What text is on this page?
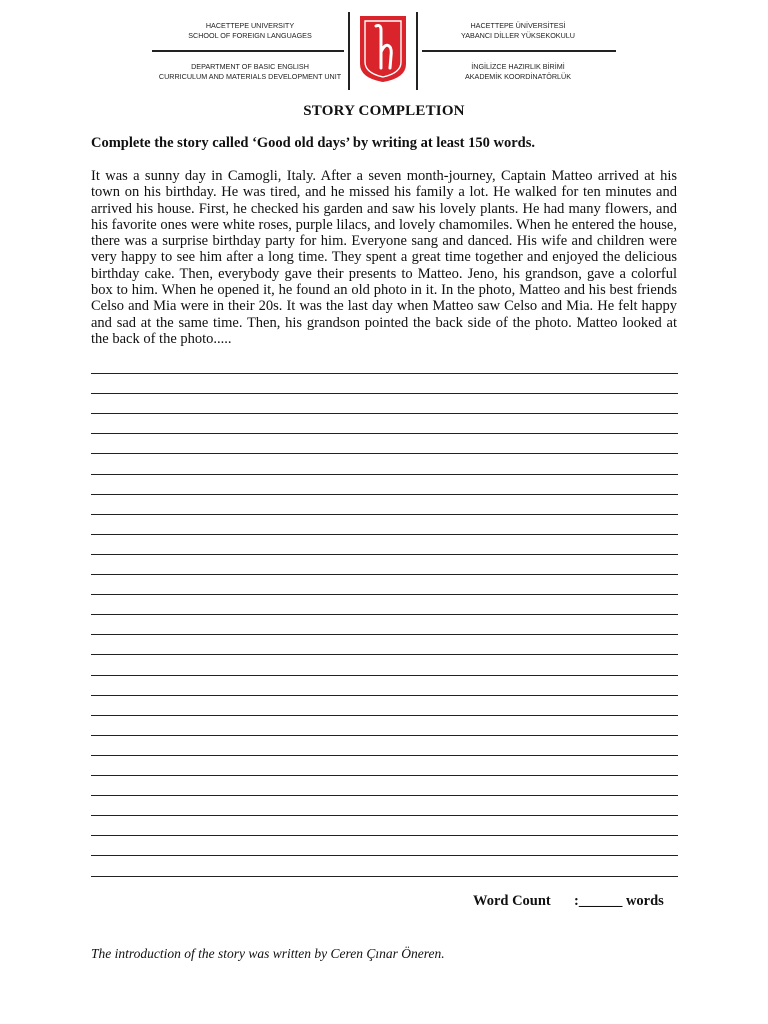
HACETTEPE UNIVERSITY
SCHOOL OF FOREIGN LANGUAGES
DEPARTMENT OF BASIC ENGLISH
CURRICULUM AND MATERIALS DEVELOPMENT UNIT
HACETTEPE ÜNİVERSİTESİ
YABANCI DİLLER YÜKSEKOKULU
İNGİLİZCE HAZIRLIK BİRİMİ
AKADEMİK KOORDİNATÖRLÜK
STORY COMPLETION
Complete the story called ‘Good old days’ by writing at least 150 words.

It was a sunny day in Camogli, Italy. After a seven month-journey, Captain Matteo arrived at his town on his birthday. He was tired, and he missed his family a lot. He walked for ten minutes and arrived his house. First, he checked his garden and saw his lovely plants. He had many flowers, and his favorite ones were white roses, purple lilacs, and lovely chamomiles. When he entered the house, there was a surprise birthday party for him. Everyone sang and danced. His wife and children were very happy to see him after a long time. They spent a great time together and enjoyed the delicious birthday cake. Then, everybody gave their presents to Matteo. Jeno, his grandson, gave a colorful box to him. When he opened it, he found an old photo in it. In the photo, Matteo and his best friends Celso and Mia were in their 20s. It was the last day when Matteo saw Celso and Mia. He felt happy and sad at the same time. Then, his grandson pointed the back side of the photo. Matteo looked at the back of the photo.....

Word Count :______ words
The introduction of the story was written by Ceren Çınar Öneren.
